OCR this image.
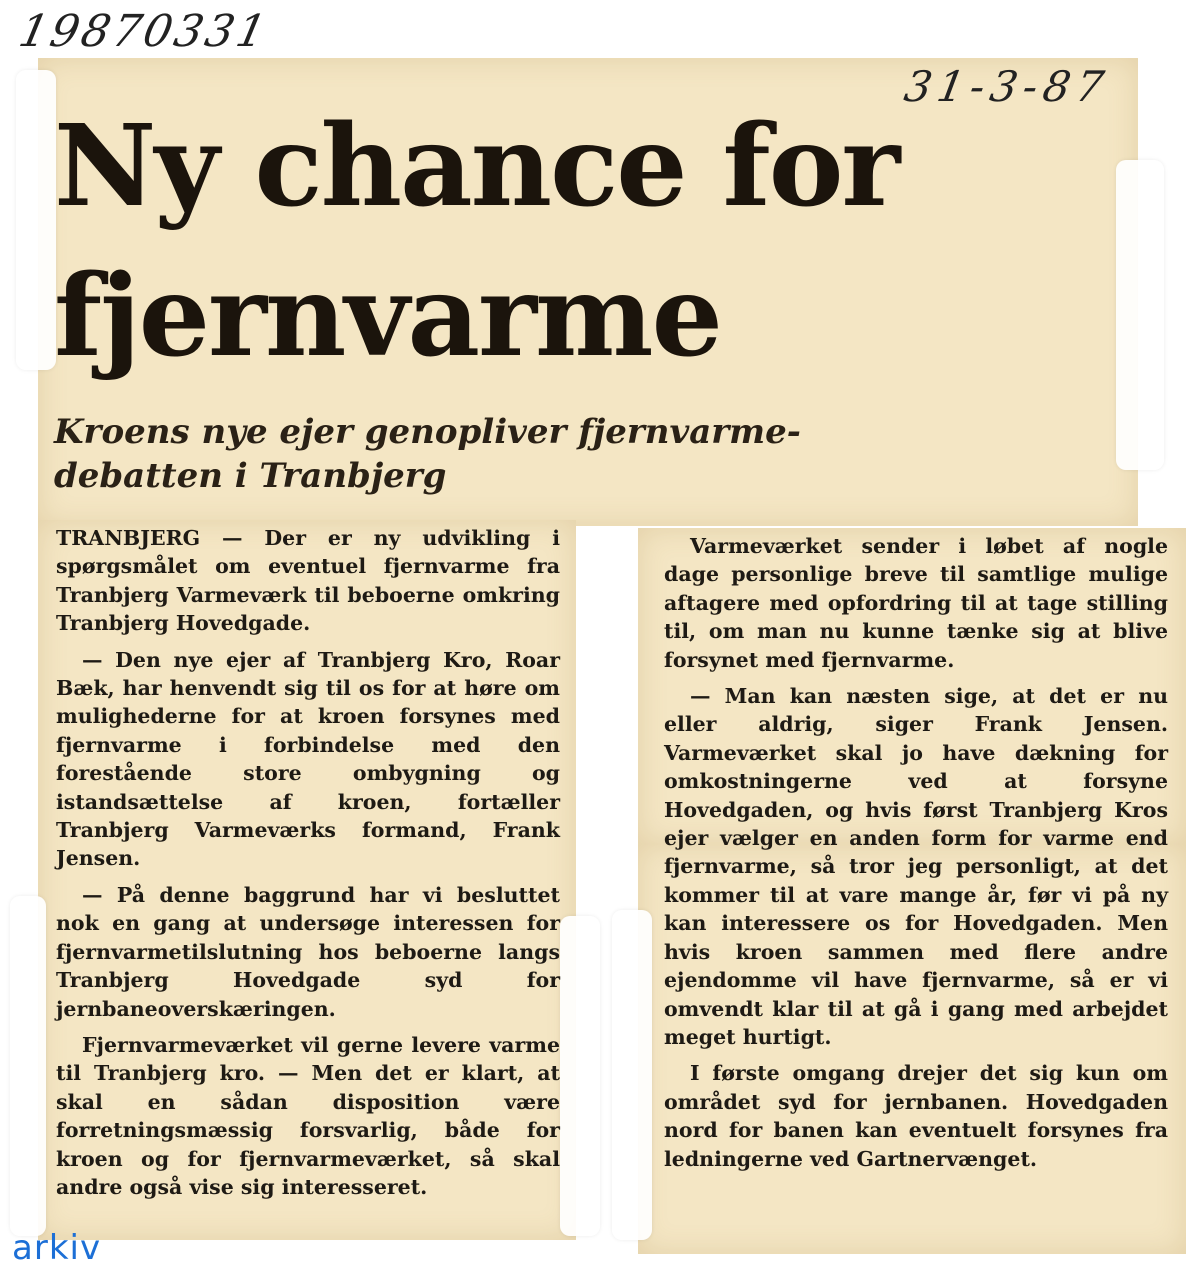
19870331
31-3-87
Ny chance for fjernvarme
Kroens nye ejer genopliver fjernvarme-debatten i Tranbjerg

TRANBJERG — Der er ny udvikling i spørgsmålet om eventuel fjernvarme fra Tranbjerg Varmeværk til beboerne omkring Tranbjerg Hovedgade.

— Den nye ejer af Tranbjerg Kro, Roar Bæk, har henvendt sig til os for at høre om mulighederne for at kroen forsynes med fjernvarme i forbindelse med den forestående store ombygning og istandsættelse af kroen, fortæller Tranbjerg Varmeværks formand, Frank Jensen.

— På denne baggrund har vi besluttet nok en gang at undersøge interessen for fjernvarmetilslutning hos beboerne langs Tranbjerg Hovedgade syd for jernbaneoverskæringen.

Fjernvarmeværket vil gerne levere varme til Tranbjerg kro. — Men det er klart, at skal en sådan disposition være forretningsmæssig forsvarlig, både for kroen og for fjernvarmeværket, så skal andre også vise sig interesseret.

Varmeværket sender i løbet af nogle dage personlige breve til samtlige mulige aftagere med opfordring til at tage stilling til, om man nu kunne tænke sig at blive forsynet med fjernvarme.

— Man kan næsten sige, at det er nu eller aldrig, siger Frank Jensen. Varmeværket skal jo have dækning for omkostningerne ved at forsyne Hovedgaden, og hvis først Tranbjerg Kros ejer vælger en anden form for varme end fjernvarme, så tror jeg personligt, at det kommer til at vare mange år, før vi på ny kan interessere os for Hovedgaden. Men hvis kroen sammen med flere andre ejendomme vil have fjernvarme, så er vi omvendt klar til at gå i gang med arbejdet meget hurtigt.

I første omgang drejer det sig kun om området syd for jernbanen. Hovedgaden nord for banen kan eventuelt forsynes fra ledningerne ved Gartnervænget.

arkiv
